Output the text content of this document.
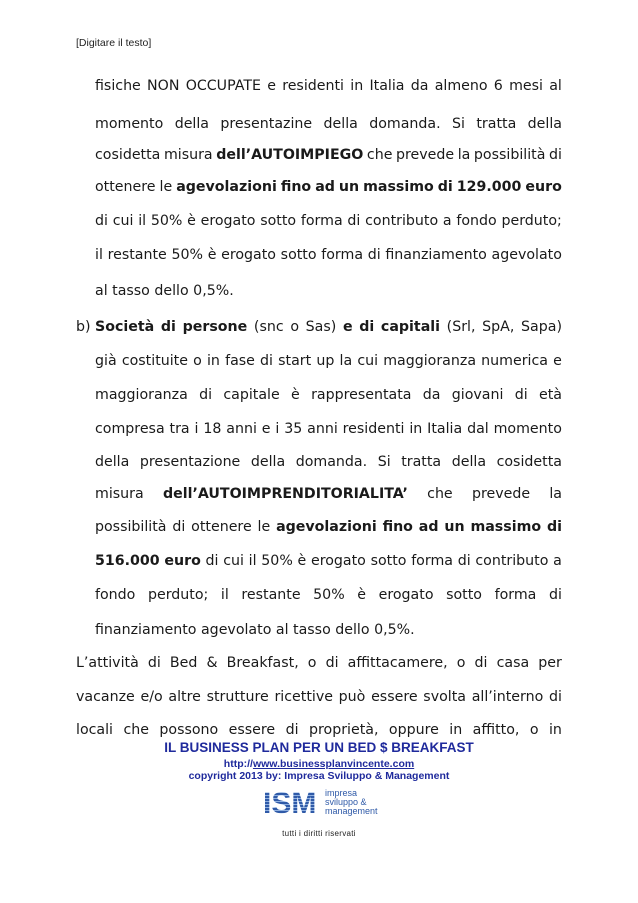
[Digitare il testo]
fisiche NON OCCUPATE e residenti in Italia da almeno 6 mesi al
momento della presentazine della domanda. Si tratta della
cosidetta misura dell’AUTOIMPIEGO che prevede la possibilità di
ottenere le agevolazioni fino ad un massimo di 129.000 euro
di cui il 50% è erogato sotto forma di contributo a fondo perduto;
il restante 50% è erogato sotto forma di finanziamento agevolato
al tasso dello 0,5%.
b) Società di persone (snc o Sas) e di capitali (Srl, SpA, Sapa)
già costituite o in fase di start up la cui maggioranza numerica e
maggioranza di capitale è rappresentata da giovani di età
compresa tra i 18 anni e i 35 anni residenti in Italia dal momento
della presentazione della domanda. Si tratta della cosidetta
misura dell’AUTOIMPRENDITORIALITA’ che prevede la
possibilità di ottenere le agevolazioni fino ad un massimo di
516.000 euro di cui il 50% è erogato sotto forma di contributo a
fondo perduto; il restante 50% è erogato sotto forma di
finanziamento agevolato al tasso dello 0,5%.
L’attività di Bed & Breakfast, o di affittacamere, o di casa per
vacanze e/o altre strutture ricettive può essere svolta all’interno di
locali che possono essere di proprietà, oppure in affitto, o in
IL BUSINESS PLAN PER UN BED $ BREAKFAST
http://www.businessplanvincente.com
copyright 2013 by: Impresa Sviluppo & Management
ISM impresa
sviluppo &
management
tutti i diritti riservati
